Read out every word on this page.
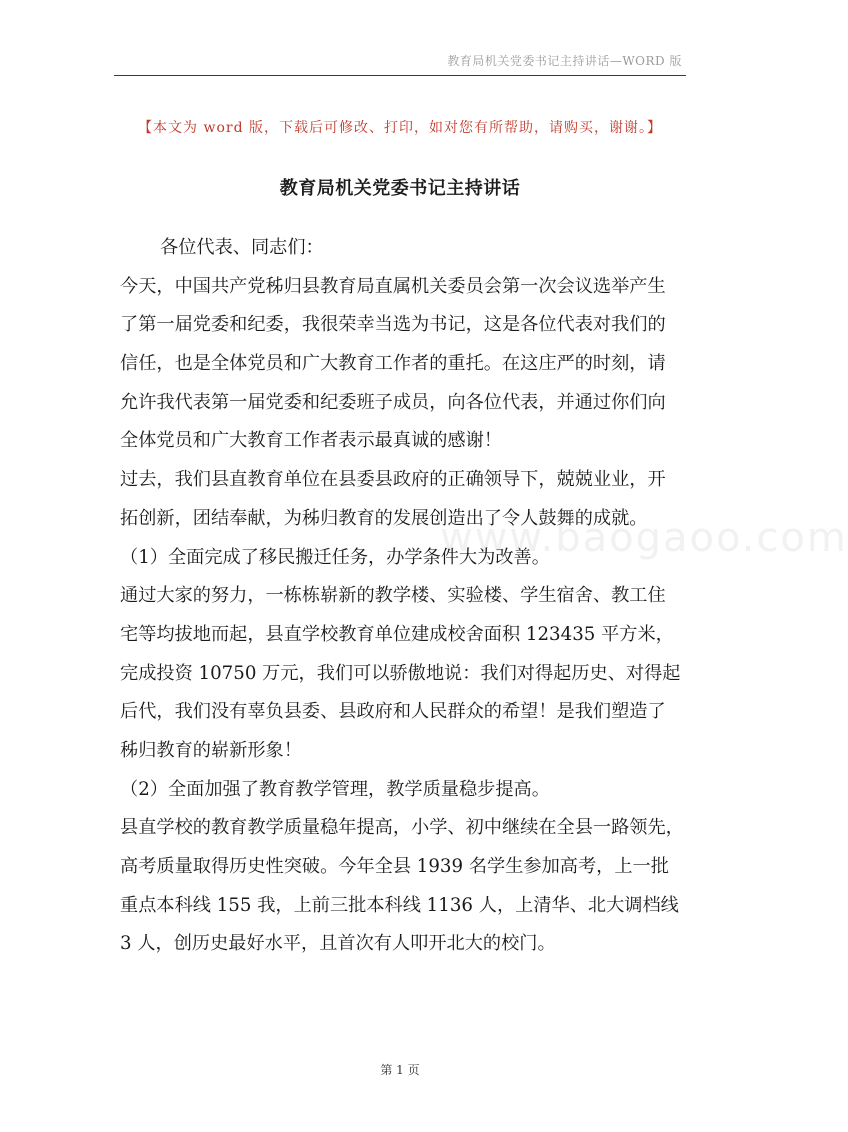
教育局机关党委书记主持讲话—WORD 版
【本文为 word 版，下载后可修改、打印，如对您有所帮助，请购买，谢谢。】
教育局机关党委书记主持讲话
www.baogaoo.com
各位代表、同志们：
今天，中国共产党秭归县教育局直属机关委员会第一次会议选举产生
了第一届党委和纪委，我很荣幸当选为书记，这是各位代表对我们的
信任，也是全体党员和广大教育工作者的重托。在这庄严的时刻，请
允许我代表第一届党委和纪委班子成员，向各位代表，并通过你们向
全体党员和广大教育工作者表示最真诚的感谢！
过去，我们县直教育单位在县委县政府的正确领导下，兢兢业业，开
拓创新，团结奉献，为秭归教育的发展创造出了令人鼓舞的成就。
（1）全面完成了移民搬迁任务，办学条件大为改善。
通过大家的努力，一栋栋崭新的教学楼、实验楼、学生宿舍、教工住
宅等均拔地而起，县直学校教育单位建成校舍面积 123435 平方米，
完成投资 10750 万元，我们可以骄傲地说：我们对得起历史、对得起
后代，我们没有辜负县委、县政府和人民群众的希望！是我们塑造了
秭归教育的崭新形象！
（2）全面加强了教育教学管理，教学质量稳步提高。
县直学校的教育教学质量稳年提高，小学、初中继续在全县一路领先，
高考质量取得历史性突破。今年全县 1939 名学生参加高考，上一批
重点本科线 155 我，上前三批本科线 1136 人，上清华、北大调档线
3 人，创历史最好水平，且首次有人叩开北大的校门。
第 1 页
